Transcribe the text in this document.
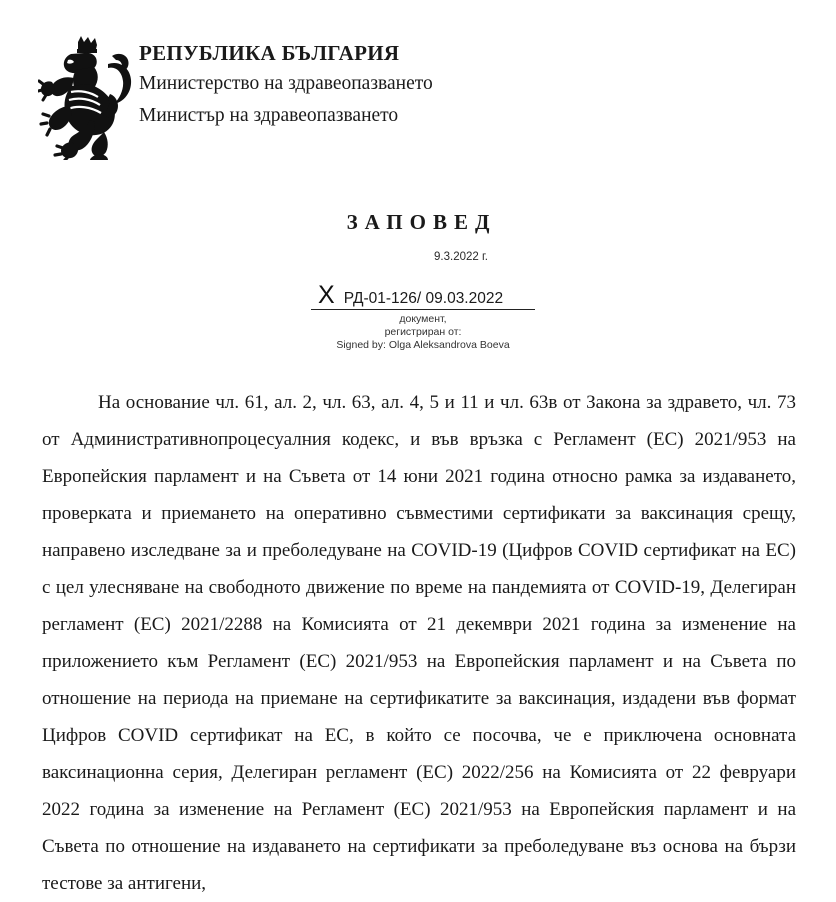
РЕПУБЛИКА БЪЛГАРИЯ
Министерство на здравеопазването
Министър на здравеопазването
ЗАПОВЕД
9.3.2022 г.
X РД-01-126/ 09.03.2022
документ,
регистриран от:
Signed by: Olga Aleksandrova Boeva
На основание чл. 61, ал. 2, чл. 63, ал. 4, 5 и 11 и чл. 63в от Закона за здравето, чл. 73 от Административнопроцесуалния кодекс, и във връзка с Регламент (ЕС) 2021/953 на Европейския парламент и на Съвета от 14 юни 2021 година относно рамка за издаването, проверката и приемането на оперативно съвместими сертификати за ваксинация срещу, направено изследване за и преболедуване на COVID-19 (Цифров COVID сертификат на ЕС) с цел улесняване на свободното движение по време на пандемията от COVID-19, Делегиран регламент (ЕС) 2021/2288 на Комисията от 21 декември 2021 година за изменение на приложението към Регламент (ЕС) 2021/953 на Европейския парламент и на Съвета по отношение на периода на приемане на сертификатите за ваксинация, издадени във формат Цифров COVID сертификат на ЕС, в който се посочва, че е приключена основната ваксинационна серия, Делегиран регламент (ЕС) 2022/256 на Комисията от 22 февруари 2022 година за изменение на Регламент (ЕС) 2021/953 на Европейския парламент и на Съвета по отношение на издаването на сертификати за преболедуване въз основа на бързи тестове за антигени,
